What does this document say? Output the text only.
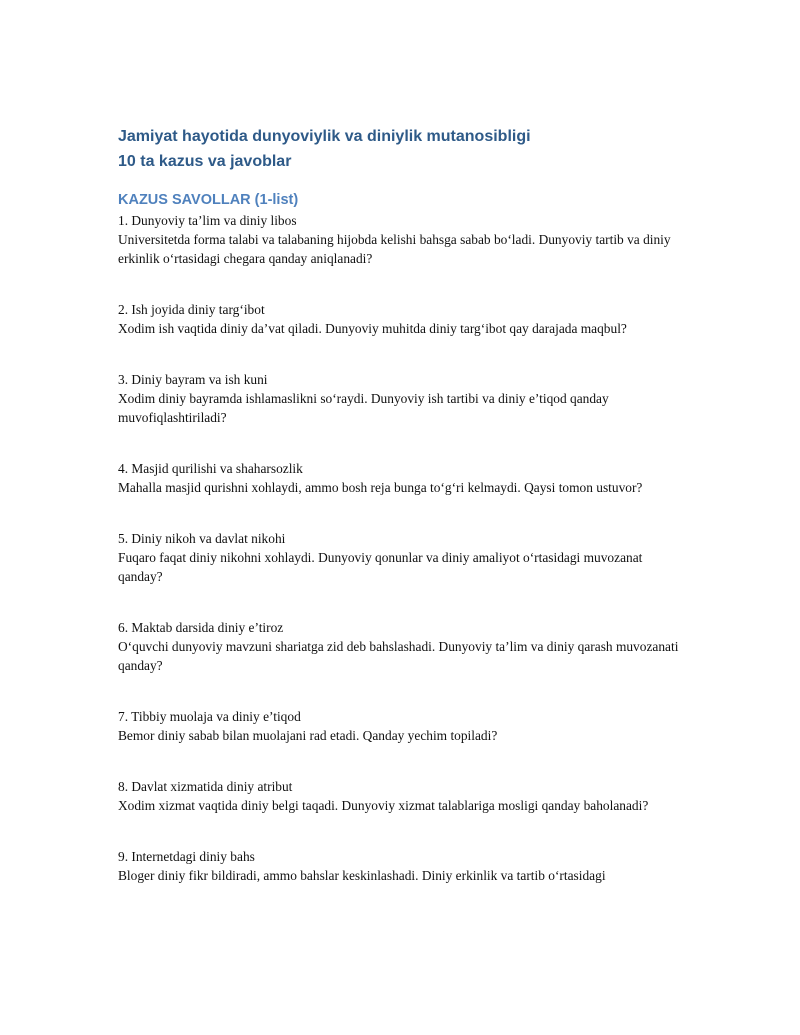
Jamiyat hayotida dunyoviylik va diniylik mutanosibligi
10 ta kazus va javoblar
KAZUS SAVOLLAR (1-list)
1. Dunyoviy ta’lim va diniy libos
Universitetda forma talabi va talabaning hijobda kelishi bahsga sabab bo‘ladi. Dunyoviy tartib va diniy erkinlik o‘rtasidagi chegara qanday aniqlanadi?
2. Ish joyida diniy targ‘ibot
Xodim ish vaqtida diniy da’vat qiladi. Dunyoviy muhitda diniy targ‘ibot qay darajada maqbul?
3. Diniy bayram va ish kuni
Xodim diniy bayramda ishlamaslikni so‘raydi. Dunyoviy ish tartibi va diniy e’tiqod qanday muvofiqlashtiriladi?
4. Masjid qurilishi va shaharsozlik
Mahalla masjid qurishni xohlaydi, ammo bosh reja bunga to‘g‘ri kelmaydi. Qaysi tomon ustuvor?
5. Diniy nikoh va davlat nikohi
Fuqaro faqat diniy nikohni xohlaydi. Dunyoviy qonunlar va diniy amaliyot o‘rtasidagi muvozanat qanday?
6. Maktab darsida diniy e’tiroz
O‘quvchi dunyoviy mavzuni shariatga zid deb bahslashadi. Dunyoviy ta’lim va diniy qarash muvozanati qanday?
7. Tibbiy muolaja va diniy e’tiqod
Bemor diniy sabab bilan muolajani rad etadi. Qanday yechim topiladi?
8. Davlat xizmatida diniy atribut
Xodim xizmat vaqtida diniy belgi taqadi. Dunyoviy xizmat talablariga mosligi qanday baholanadi?
9. Internetdagi diniy bahs
Bloger diniy fikr bildiradi, ammo bahslar keskinlashadi. Diniy erkinlik va tartib o‘rtasidagi
